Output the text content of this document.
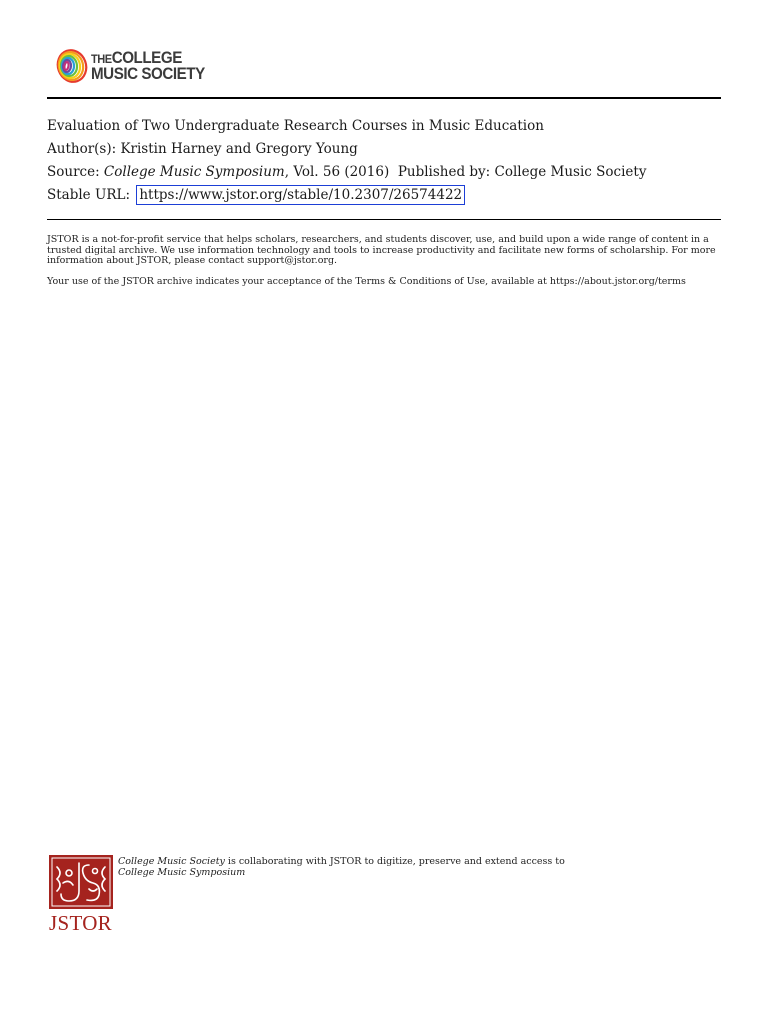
THECOLLEGE
MUSIC SOCIETY
Evaluation of Two Undergraduate Research Courses in Music Education
Author(s): Kristin Harney and Gregory Young
Source: College Music Symposium, Vol. 56 (2016) Published by: College Music Society
Stable URL: https://www.jstor.org/stable/10.2307/26574422

JSTOR is a not-for-profit service that helps scholars, researchers, and students discover, use, and build upon a wide range of content in a trusted digital archive. We use information technology and tools to increase productivity and facilitate new forms of scholarship. For more information about JSTOR, please contact support@jstor.org.

Your use of the JSTOR archive indicates your acceptance of the Terms & Conditions of Use, available at https://about.jstor.org/terms

JSTOR
College Music Society is collaborating with JSTOR to digitize, preserve and extend access to
College Music Symposium
